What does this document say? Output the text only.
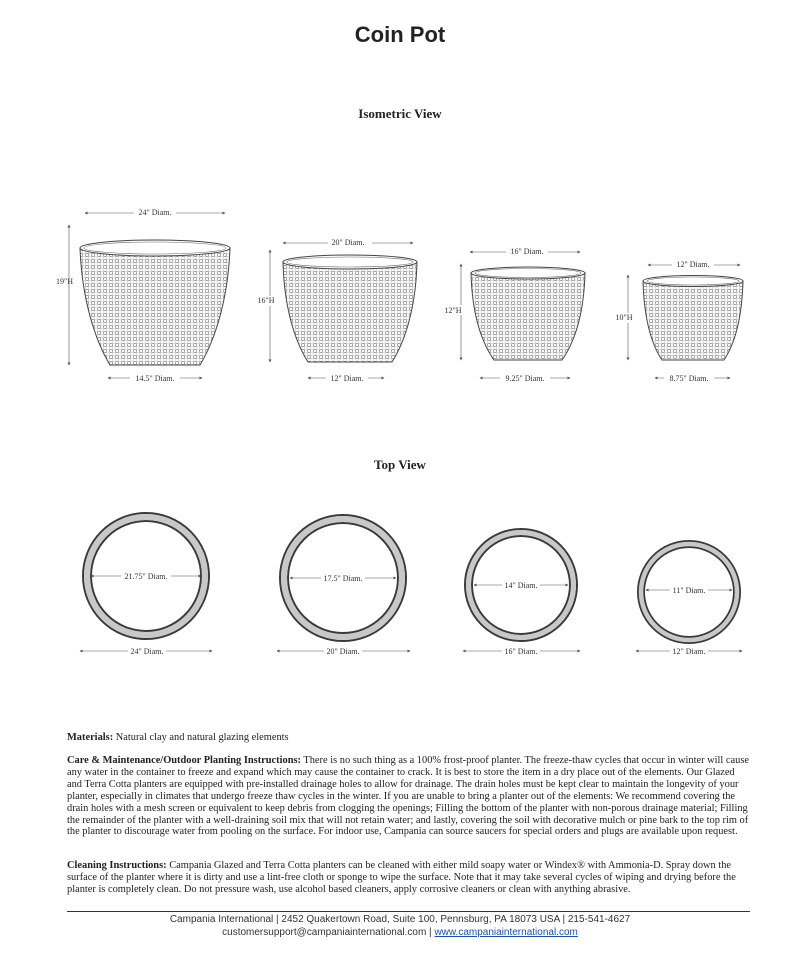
Coin Pot
Isometric View
Top View
24" Diam.
19"H
14.5" Diam.
20" Diam.
16"H
12" Diam.
16" Diam.
12"H
9.25" Diam.
12" Diam.
10"H
8.75" Diam.
21.75" Diam.
24" Diam.
17.5" Diam.
20" Diam.
14" Diam.
16" Diam.
11" Diam.
12" Diam.
Materials: Natural clay and natural glazing elements
Care & Maintenance/Outdoor Planting Instructions: There is no such thing as a 100% frost-proof planter. The freeze-thaw cycles that occur in winter will cause any water in the container to freeze and expand which may cause the container to crack. It is best to store the item in a dry place out of the elements. Our Glazed and Terra Cotta planters are equipped with pre-installed drainage holes to allow for drainage. The drain holes must be kept clear to maintain the longevity of your planter, especially in climates that undergo freeze thaw cycles in the winter. If you are unable to bring a planter out of the elements: We recommend covering the drain holes with a mesh screen or equivalent to keep debris from clogging the openings; Filling the bottom of the planter with non-porous drainage material; Filling the remainder of the planter with a well-draining soil mix that will not retain water; and lastly, covering the soil with decorative mulch or pine bark to the top rim of the planter to discourage water from pooling on the surface. For indoor use, Campania can source saucers for special orders and plugs are available upon request.
Cleaning Instructions: Campania Glazed and Terra Cotta planters can be cleaned with either mild soapy water or Windex® with Ammonia-D. Spray down the surface of the planter where it is dirty and use a lint-free cloth or sponge to wipe the surface. Note that it may take several cycles of wiping and drying before the planter is completely clean. Do not pressure wash, use alcohol based cleaners, apply corrosive cleaners or clean with anything abrasive.
Campania International | 2452 Quakertown Road, Suite 100, Pennsburg, PA 18073 USA | 215-541-4627
customersupport@campaniainternational.com | www.campaniainternational.com
